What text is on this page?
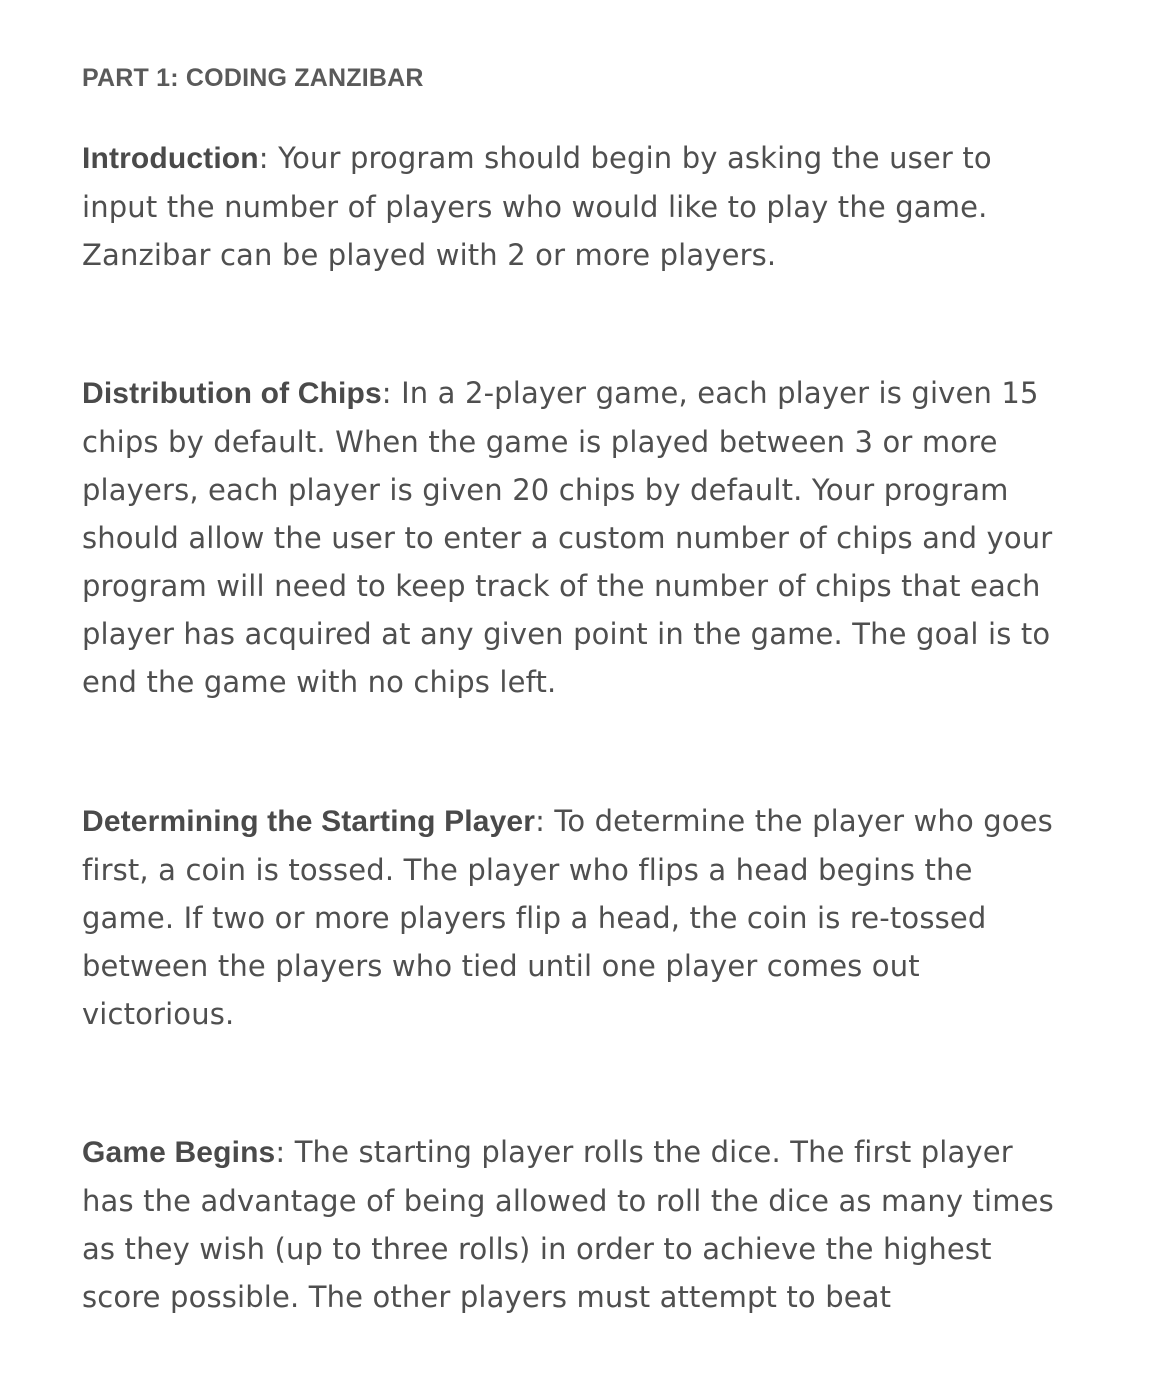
PART 1: CODING ZANZIBAR

Introduction: Your program should begin by asking the user to input the number of players who would like to play the game. Zanzibar can be played with 2 or more players.

Distribution of Chips: In a 2-player game, each player is given 15 chips by default. When the game is played between 3 or more players, each player is given 20 chips by default. Your program should allow the user to enter a custom number of chips and your program will need to keep track of the number of chips that each player has acquired at any given point in the game. The goal is to end the game with no chips left.

Determining the Starting Player: To determine the player who goes first, a coin is tossed. The player who flips a head begins the game. If two or more players flip a head, the coin is re-tossed between the players who tied until one player comes out victorious.

Game Begins: The starting player rolls the dice. The first player has the advantage of being allowed to roll the dice as many times as they wish (up to three rolls) in order to achieve the highest score possible. The other players must attempt to beat
